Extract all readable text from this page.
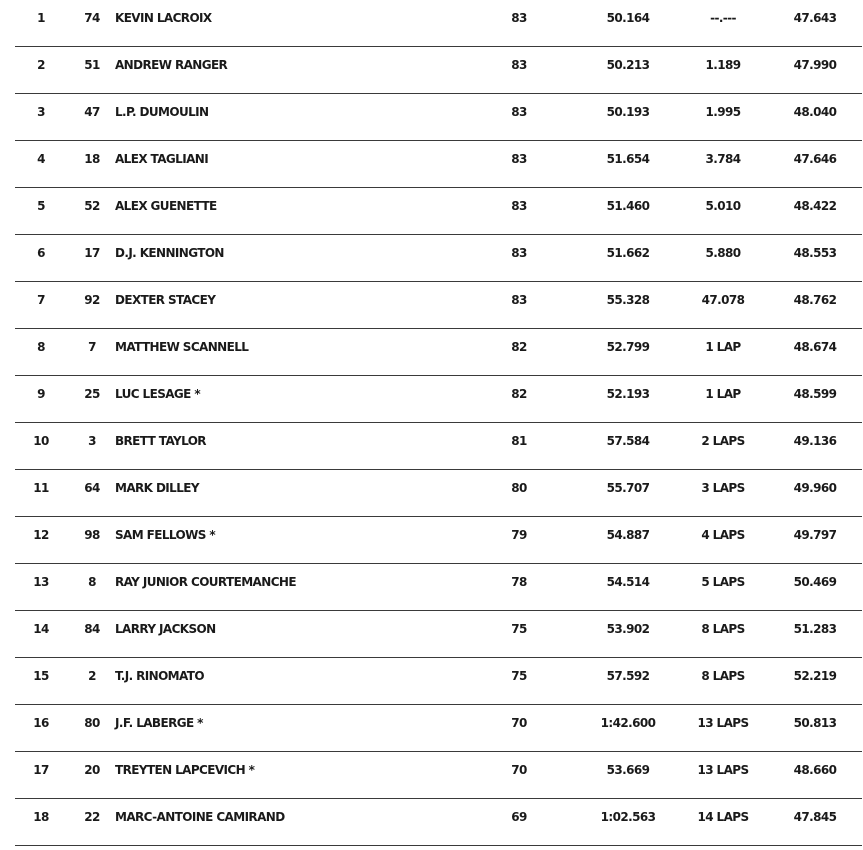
1	74	KEVIN LACROIX	83	50.164	--.---	47.643
2	51	ANDREW RANGER	83	50.213	1.189	47.990
3	47	L.P. DUMOULIN	83	50.193	1.995	48.040
4	18	ALEX TAGLIANI	83	51.654	3.784	47.646
5	52	ALEX GUENETTE	83	51.460	5.010	48.422
6	17	D.J. KENNINGTON	83	51.662	5.880	48.553
7	92	DEXTER STACEY	83	55.328	47.078	48.762
8	7	MATTHEW SCANNELL	82	52.799	1 LAP	48.674
9	25	LUC LESAGE *	82	52.193	1 LAP	48.599
10	3	BRETT TAYLOR	81	57.584	2 LAPS	49.136
11	64	MARK DILLEY	80	55.707	3 LAPS	49.960
12	98	SAM FELLOWS *	79	54.887	4 LAPS	49.797
13	8	RAY JUNIOR COURTEMANCHE	78	54.514	5 LAPS	50.469
14	84	LARRY JACKSON	75	53.902	8 LAPS	51.283
15	2	T.J. RINOMATO	75	57.592	8 LAPS	52.219
16	80	J.F. LABERGE *	70	1:42.600	13 LAPS	50.813
17	20	TREYTEN LAPCEVICH *	70	53.669	13 LAPS	48.660
18	22	MARC-ANTOINE CAMIRAND	69	1:02.563	14 LAPS	47.845
